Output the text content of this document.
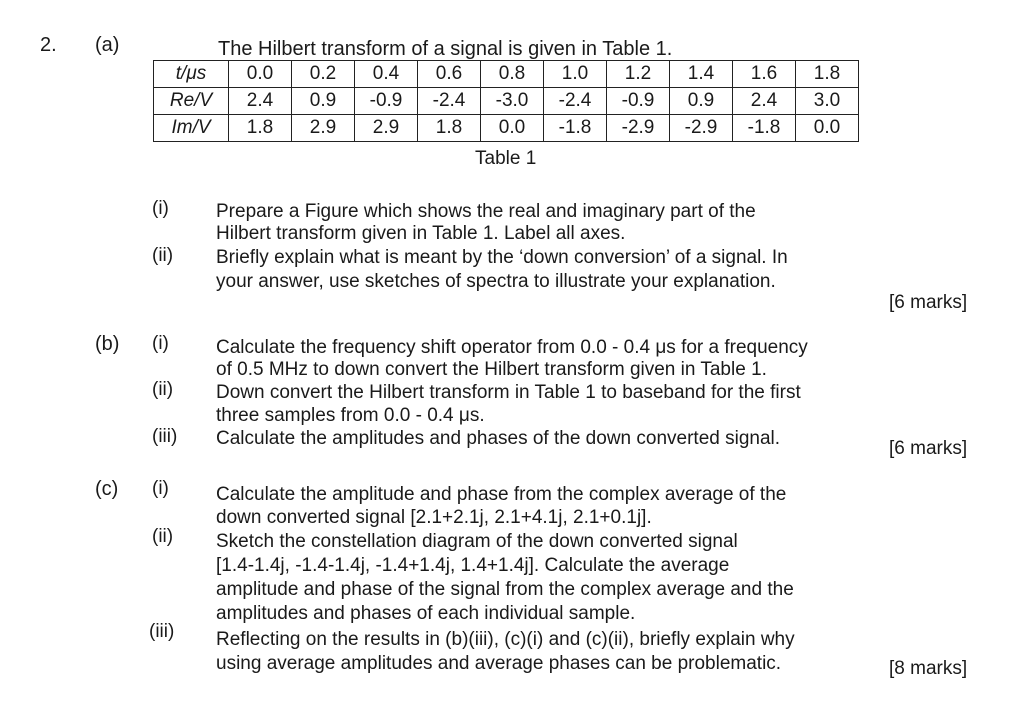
2. (a)	The Hilbert transform of a signal is given in Table 1.
t/μs	0.0	0.2	0.4	0.6	0.8	1.0	1.2	1.4	1.6	1.8
Re/V	2.4	0.9	-0.9	-2.4	-3.0	-2.4	-0.9	0.9	2.4	3.0
Im/V	1.8	2.9	2.9	1.8	0.0	-1.8	-2.9	-2.9	-1.8	0.0
Table 1
(i) Prepare a Figure which shows the real and imaginary part of the
Hilbert transform given in Table 1. Label all axes.
(ii) Briefly explain what is meant by the ‘down conversion’ of a signal. In
your answer, use sketches of spectra to illustrate your explanation.
[6 marks]
(b) (i) Calculate the frequency shift operator from 0.0 - 0.4 μs for a frequency
of 0.5 MHz to down convert the Hilbert transform given in Table 1.
(ii) Down convert the Hilbert transform in Table 1 to baseband for the first
three samples from 0.0 - 0.4 μs.
(iii) Calculate the amplitudes and phases of the down converted signal.	[6 marks]
(c) (i) Calculate the amplitude and phase from the complex average of the
down converted signal [2.1+2.1j, 2.1+4.1j, 2.1+0.1j].
(ii) Sketch the constellation diagram of the down converted signal
[1.4-1.4j, -1.4-1.4j, -1.4+1.4j, 1.4+1.4j]. Calculate the average
amplitude and phase of the signal from the complex average and the
amplitudes and phases of each individual sample.
(iii) Reflecting on the results in (b)(iii), (c)(i) and (c)(ii), briefly explain why
using average amplitudes and average phases can be problematic.	[8 marks]
